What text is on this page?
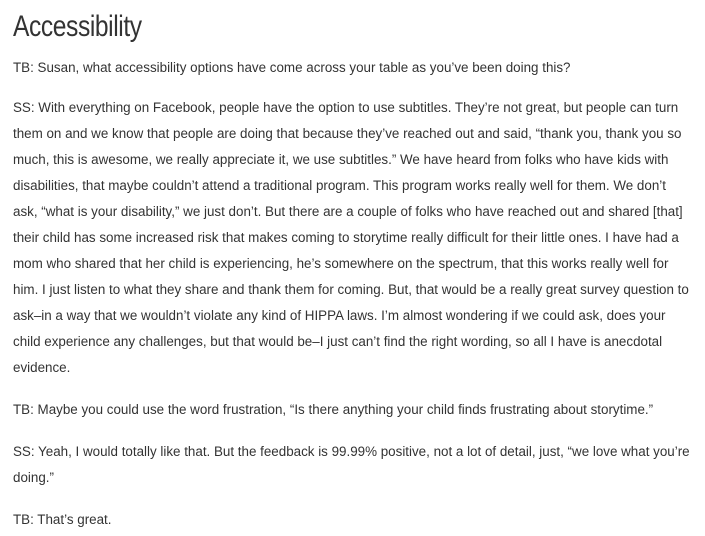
Accessibility

TB: Susan, what accessibility options have come across your table as you’ve been doing this?

SS: With everything on Facebook, people have the option to use subtitles. They’re not great, but people can turn them on and we know that people are doing that because they’ve reached out and said, “thank you, thank you so much, this is awesome, we really appreciate it, we use subtitles.” We have heard from folks who have kids with disabilities, that maybe couldn’t attend a traditional program. This program works really well for them. We don’t ask, “what is your disability,” we just don’t. But there are a couple of folks who have reached out and shared [that] their child has some increased risk that makes coming to storytime really difficult for their little ones. I have had a mom who shared that her child is experiencing, he’s somewhere on the spectrum, that this works really well for him. I just listen to what they share and thank them for coming. But, that would be a really great survey question to ask–in a way that we wouldn’t violate any kind of HIPPA laws. I’m almost wondering if we could ask, does your child experience any challenges, but that would be–I just can’t find the right wording, so all I have is anecdotal evidence.

TB: Maybe you could use the word frustration, “Is there anything your child finds frustrating about storytime.”

SS: Yeah, I would totally like that. But the feedback is 99.99% positive, not a lot of detail, just, “we love what you’re doing.”

TB: That’s great.
